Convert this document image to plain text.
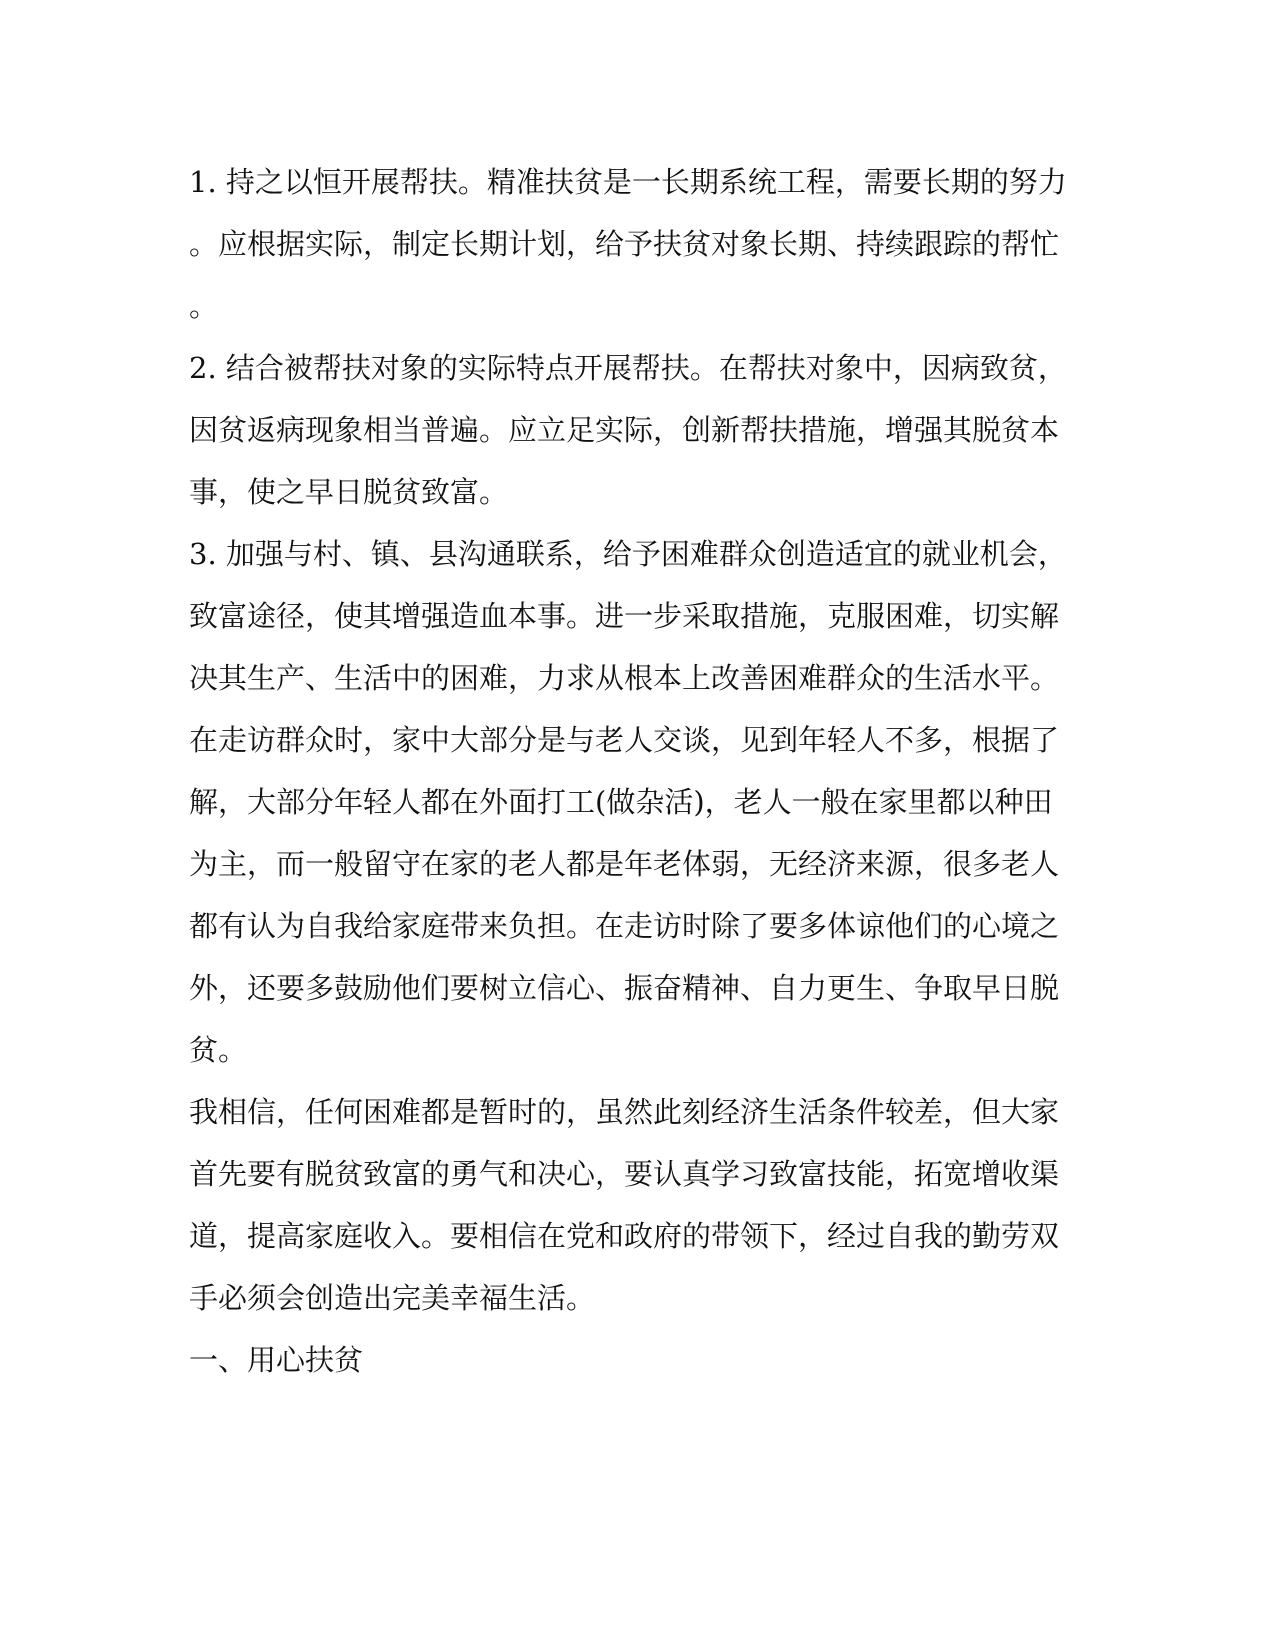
1. 持之以恒开展帮扶。精准扶贫是一长期系统工程，需要长期的努力
。应根据实际，制定长期计划，给予扶贫对象长期、持续跟踪的帮忙
。
2. 结合被帮扶对象的实际特点开展帮扶。在帮扶对象中，因病致贫，
因贫返病现象相当普遍。应立足实际，创新帮扶措施，增强其脱贫本
事，使之早日脱贫致富。
3. 加强与村、镇、县沟通联系，给予困难群众创造适宜的就业机会，
致富途径，使其增强造血本事。进一步采取措施，克服困难，切实解
决其生产、生活中的困难，力求从根本上改善困难群众的生活水平。
在走访群众时，家中大部分是与老人交谈，见到年轻人不多，根据了
解，大部分年轻人都在外面打工(做杂活)，老人一般在家里都以种田
为主，而一般留守在家的老人都是年老体弱，无经济来源，很多老人
都有认为自我给家庭带来负担。在走访时除了要多体谅他们的心境之
外，还要多鼓励他们要树立信心、振奋精神、自力更生、争取早日脱
贫。
我相信，任何困难都是暂时的，虽然此刻经济生活条件较差，但大家
首先要有脱贫致富的勇气和决心，要认真学习致富技能，拓宽增收渠
道，提高家庭收入。要相信在党和政府的带领下，经过自我的勤劳双
手必须会创造出完美幸福生活。
一、用心扶贫
